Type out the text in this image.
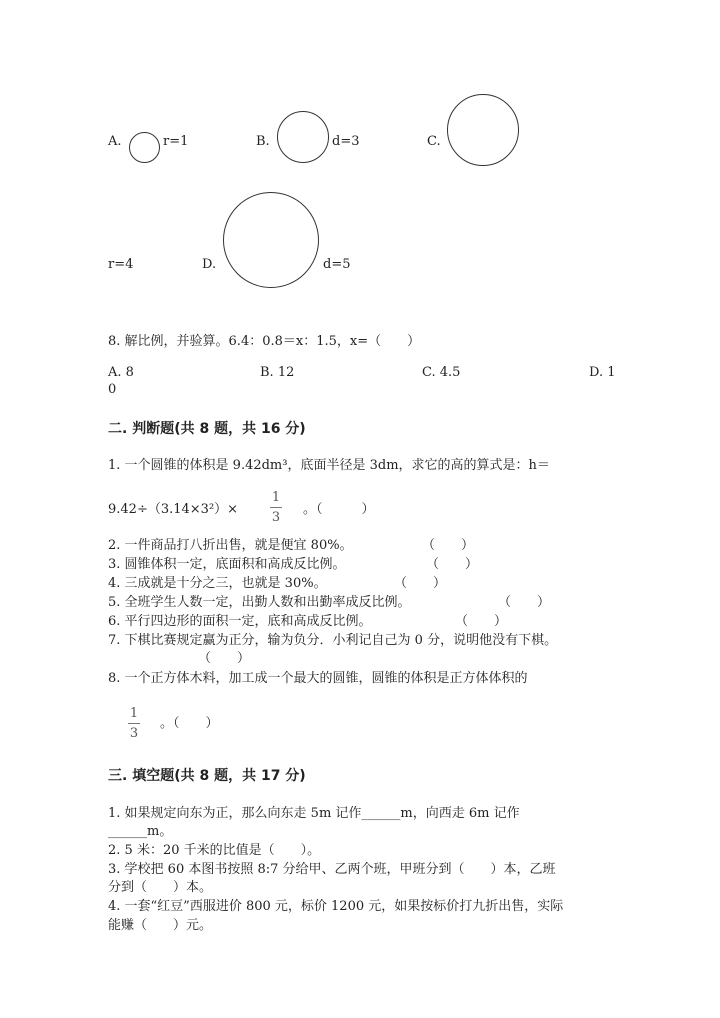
A.	r=1	B.	d=3	C.
r=4	D.	d=5
8. 解比例，并验算。6.4：0.8＝x：1.5，x=（　　）
A. 8	B. 12	C. 4.5	D. 1
0
二. 判断题(共 8 题，共 16 分)
1. 一个圆锥的体积是 9.42dm³，底面半径是 3dm，求它的高的算式是：h＝
9.42÷（3.14×3²）×
1
3
。（　　　）
2. 一件商品打八折出售，就是便宜 80%。	（　　）
3. 圆锥体积一定，底面积和高成反比例。	（　　）
4. 三成就是十分之三，也就是 30%。	（　　）
5. 全班学生人数一定，出勤人数和出勤率成反比例。	（　　）
6. 平行四边形的面积一定，底和高成反比例。	（　　）
7. 下棋比赛规定赢为正分，输为负分．小利记自己为 0 分，说明他没有下棋。
（　　）
8. 一个正方体木料，加工成一个最大的圆锥，圆锥的体积是正方体体积的
1
3
。（　　）
三. 填空题(共 8 题，共 17 分)
1. 如果规定向东为正，那么向东走 5m 记作______m，向西走 6m 记作
______m。
2. 5 米：20 千米的比值是（　　）。
3. 学校把 60 本图书按照 8:7 分给甲、乙两个班，甲班分到（　　）本，乙班
分到（　　）本。
4. 一套“红豆”西服进价 800 元，标价 1200 元，如果按标价打九折出售，实际
能赚（　　）元。
